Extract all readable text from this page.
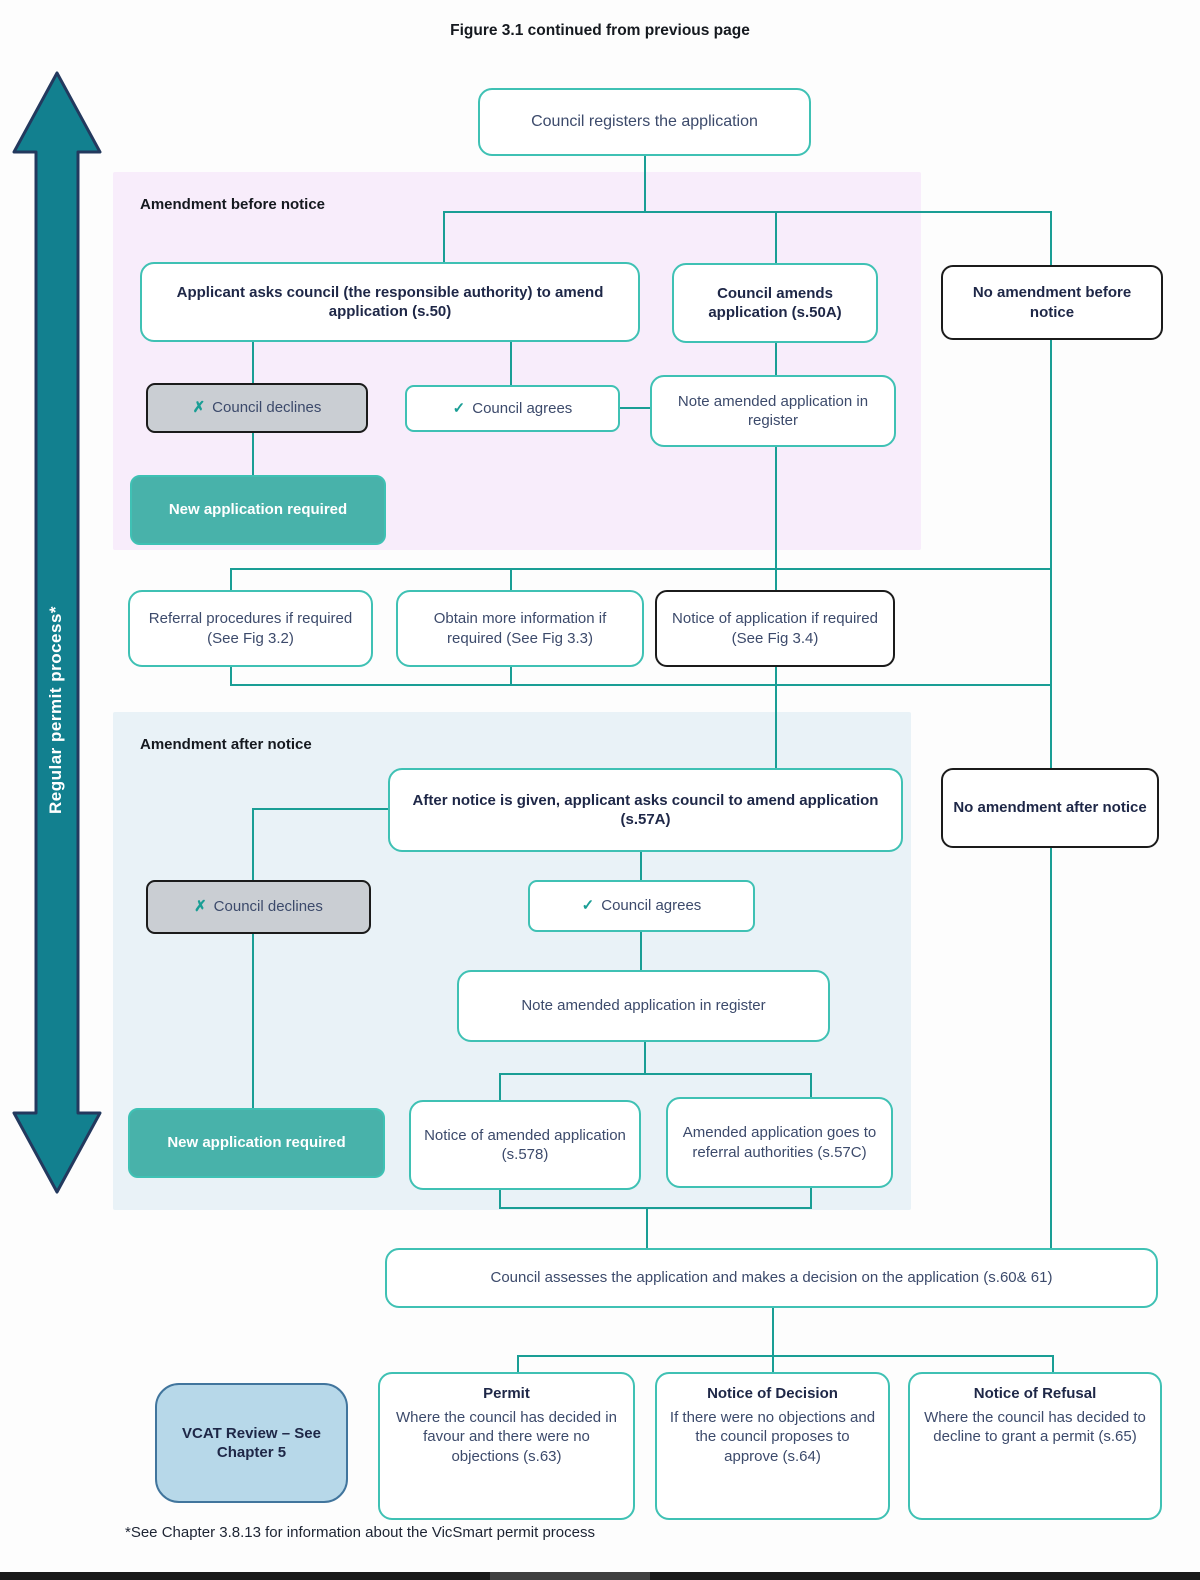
Figure 3.1 continued from previous page
Regular permit process*
Amendment before notice
Amendment after notice
Council registers the application
Applicant asks council (the responsible authority) to amend application (s.50)
Council amends application (s.50A)
No amendment before notice
✗ Council declines	✓ Council agrees	Note amended application in register
New application required
Referral procedures if required (See Fig 3.2)
Obtain more information if required (See Fig 3.3)
Notice of application if required (See Fig 3.4)
After notice is given, applicant asks council to amend application (s.57A)
No amendment after notice
✗ Council declines	✓ Council agrees
Note amended application in register
New application required	Notice of amended application (s.578)
Amended application goes to referral authorities (s.57C)
Council assesses the application and makes a decision on the application (s.60& 61)
VCAT Review – See Chapter 5
Permit
Where the council has decided in favour and there were no objections (s.63)
Notice of Decision
If there were no objections and the council proposes to approve (s.64)
Notice of Refusal
Where the council has decided to decline to grant a permit (s.65)
*See Chapter 3.8.13 for information about the VicSmart permit process
